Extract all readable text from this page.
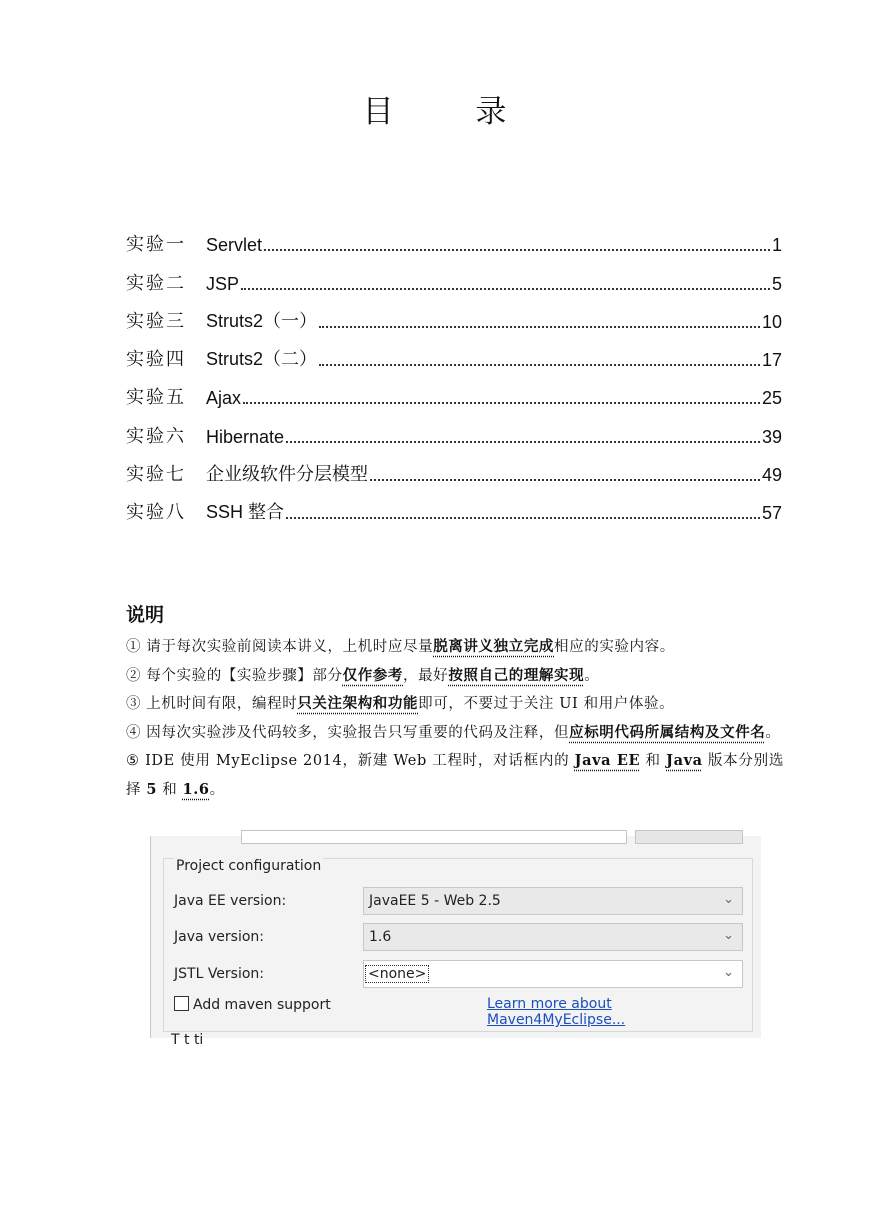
目 录
实验一	Servlet	1
实验二	JSP	5
实验三	Struts2（一）	10
实验四	Struts2（二）	17
实验五	Ajax	25
实验六	Hibernate	39
实验七	企业级软件分层模型	49
实验八	SSH 整合	57
说明
① 请于每次实验前阅读本讲义，上机时应尽量脱离讲义独立完成相应的实验内容。
② 每个实验的【实验步骤】部分仅作参考，最好按照自己的理解实现。
③ 上机时间有限，编程时只关注架构和功能即可，不要过于关注 UI 和用户体验。
④ 因每次实验涉及代码较多，实验报告只写重要的代码及注释，但应标明代码所属结构及文件名。
⑤ IDE 使用 MyEclipse 2014，新建 Web 工程时，对话框内的 Java EE 和 Java 版本分别选择 5 和 1.6。
Project configuration
Java EE version:	JavaEE 5 - Web 2.5	⌄
Java version:	1.6	⌄
JSTL Version:	<none>	⌄
Add maven support	Learn more about Maven4MyEclipse...
T t ti
